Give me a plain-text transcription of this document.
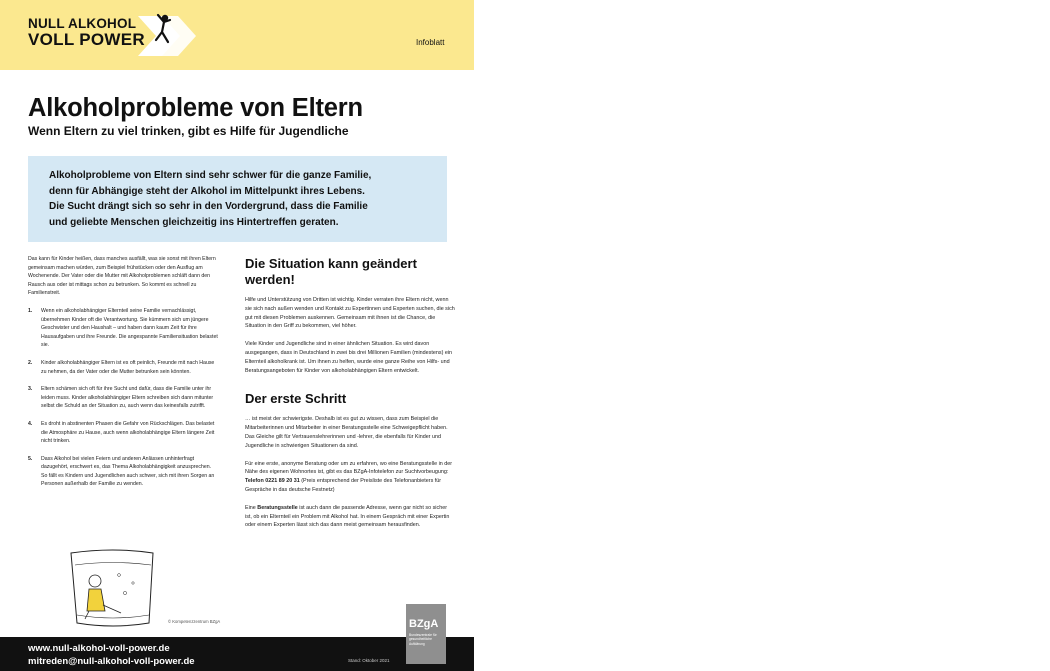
NULL ALKOHOL
VOLL POWER	Infoblatt
Alkoholprobleme von Eltern
Wenn Eltern zu viel trinken, gibt es Hilfe für Jugendliche
Alkoholprobleme von Eltern sind sehr schwer für die ganze Familie, denn für Abhängige steht der Alkohol im Mittelpunkt ihres Lebens. Die Sucht drängt sich so sehr in den Vordergrund, dass die Familie und geliebte Menschen gleichzeitig ins Hintertreffen geraten.

Das kann für Kinder heißen, dass manches ausfällt, was sie sonst mit ihren Eltern gemeinsam machen würden, zum Beispiel frühstücken oder den Ausflug am Wochenende. Der Vater oder die Mutter mit Alkoholproblemen schläft dann den Rausch aus oder ist mittags schon zu betrunken. So kommt es schnell zu Familienstreit.

1. Wenn ein alkoholabhängiger Elternteil seine Familie vernachlässigt, übernehmen Kinder oft die Verantwortung. Sie kümmern sich um jüngere Geschwister und den Haushalt – und haben dann kaum Zeit für ihre Hausaufgaben und ihre Freunde. Die angespannte Familiensituation belastet sie.
2. Kinder alkoholabhängiger Eltern ist es oft peinlich, Freunde mit nach Hause zu nehmen, da der Vater oder die Mutter betrunken sein könnten.
3. Eltern schämen sich oft für ihre Sucht und dafür, dass die Familie unter ihr leiden muss. Kinder alkoholabhängiger Eltern schreiben sich dann mitunter selbst die Schuld an der Situation zu, auch wenn das keinesfalls zutrifft.
4. Es droht in abstinenten Phasen die Gefahr von Rückschlägen. Das belastet die Atmosphäre zu Hause, auch wenn alkoholabhängige Eltern längere Zeit nicht trinken.
5. Dass Alkohol bei vielen Feiern und anderen Anlässen unhinterfragt dazugehört, erschwert es, das Thema Alkoholabhängigkeit anzusprechen. So fällt es Kindern und Jugendlichen auch schwer, sich mit ihren Sorgen an Personen außerhalb der Familie zu wenden.
© Kompetenzzentrum BZgA
Die Situation kann geändert werden!

Hilfe und Unterstützung von Dritten ist wichtig. Kinder verraten ihre Eltern nicht, wenn sie sich nach außen wenden und Kontakt zu Expertinnen und Experten suchen, die sich gut mit diesen Problemen auskennen. Gemeinsam mit ihnen ist die Chance, die Situation in den Griff zu bekommen, viel höher.

Viele Kinder und Jugendliche sind in einer ähnlichen Situation. Es wird davon ausgegangen, dass in Deutschland in zwei bis drei Millionen Familien (mindestens) ein Elternteil alkoholkrank ist. Um ihnen zu helfen, wurde eine ganze Reihe von Hilfs- und Beratungsangeboten für Kinder von alkoholabhängigen Eltern entwickelt.

Der erste Schritt

… ist meist der schwierigste. Deshalb ist es gut zu wissen, dass zum Beispiel die Mitarbeiterinnen und Mitarbeiter in einer Beratungsstelle eine Schweigepflicht haben. Das Gleiche gilt für Vertrauenslehrerinnen und -lehrer, die ebenfalls für Kinder und Jugendliche in schwierigen Situationen da sind.

Für eine erste, anonyme Beratung oder um zu erfahren, wo eine Beratungsstelle in der Nähe des eigenen Wohnortes ist, gibt es das BZgA-Infotelefon zur Suchtvorbeugung: Telefon 0221 89 20 31 (Preis entsprechend der Preisliste des Telefonanbieters für Gespräche in das deutsche Festnetz)

Eine Beratungsstelle ist auch dann die passende Adresse, wenn gar nicht so sicher ist, ob ein Elternteil ein Problem mit Alkohol hat. In einem Gespräch mit einer Expertin oder einem Experten lässt sich das dann meist gemeinsam herausfinden.

www.null-alkohol-voll-power.de
mitreden@null-alkohol-voll-power.de	Stand: Oktober 2021
BZgA
Bundeszentrale für gesundheitliche Aufklärung
